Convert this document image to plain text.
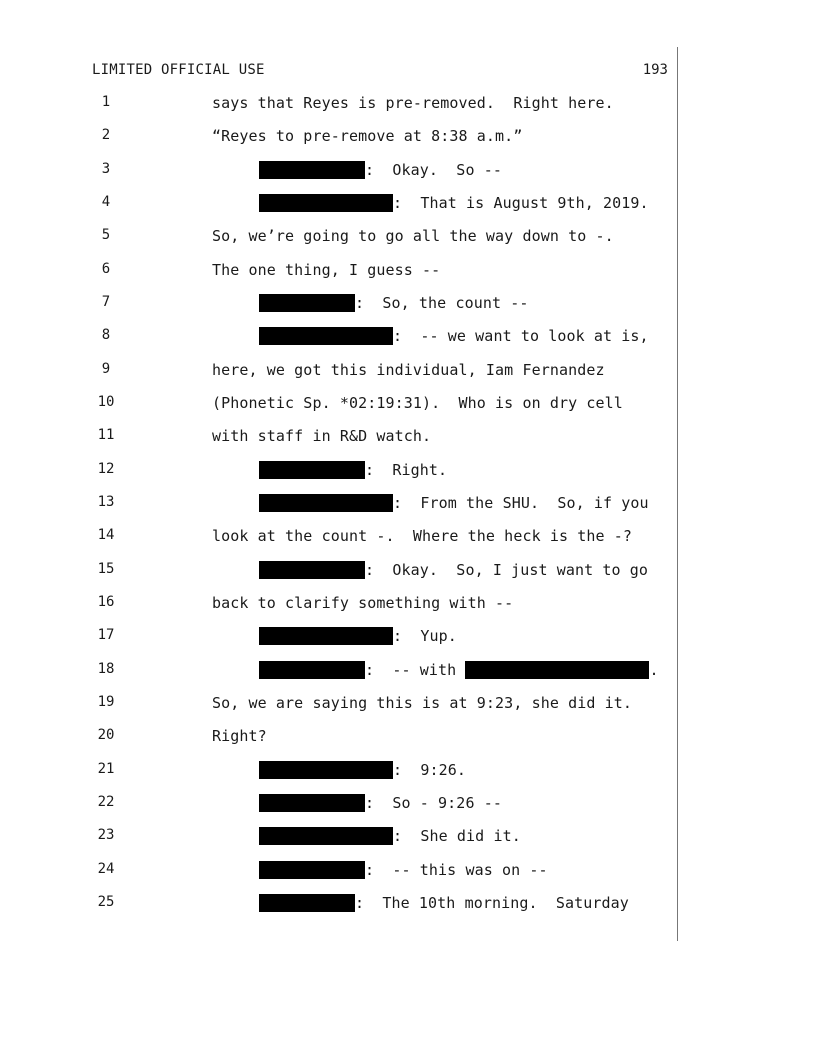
LIMITED OFFICIAL USE	193
1	says that Reyes is pre-removed.  Right here.
2	“Reyes to pre-remove at 8:38 a.m.”
3	:  Okay.  So --
4	:  That is August 9th, 2019.
5	So, we’re going to go all the way down to -.
6	The one thing, I guess --
7	:  So, the count --
8	:  -- we want to look at is,
9	here, we got this individual, Iam Fernandez
10	(Phonetic Sp. *02:19:31).  Who is on dry cell
11	with staff in R&D watch.
12	:  Right.
13	:  From the SHU.  So, if you
14	look at the count -.  Where the heck is the -?
15	:  Okay.  So, I just want to go
16	back to clarify something with --
17	:  Yup.
18	:  -- with	.
19	So, we are saying this is at 9:23, she did it.
20	Right?
21	:  9:26.
22	:  So - 9:26 --
23	:  She did it.
24	:  -- this was on --
25	:  The 10th morning.  Saturday
